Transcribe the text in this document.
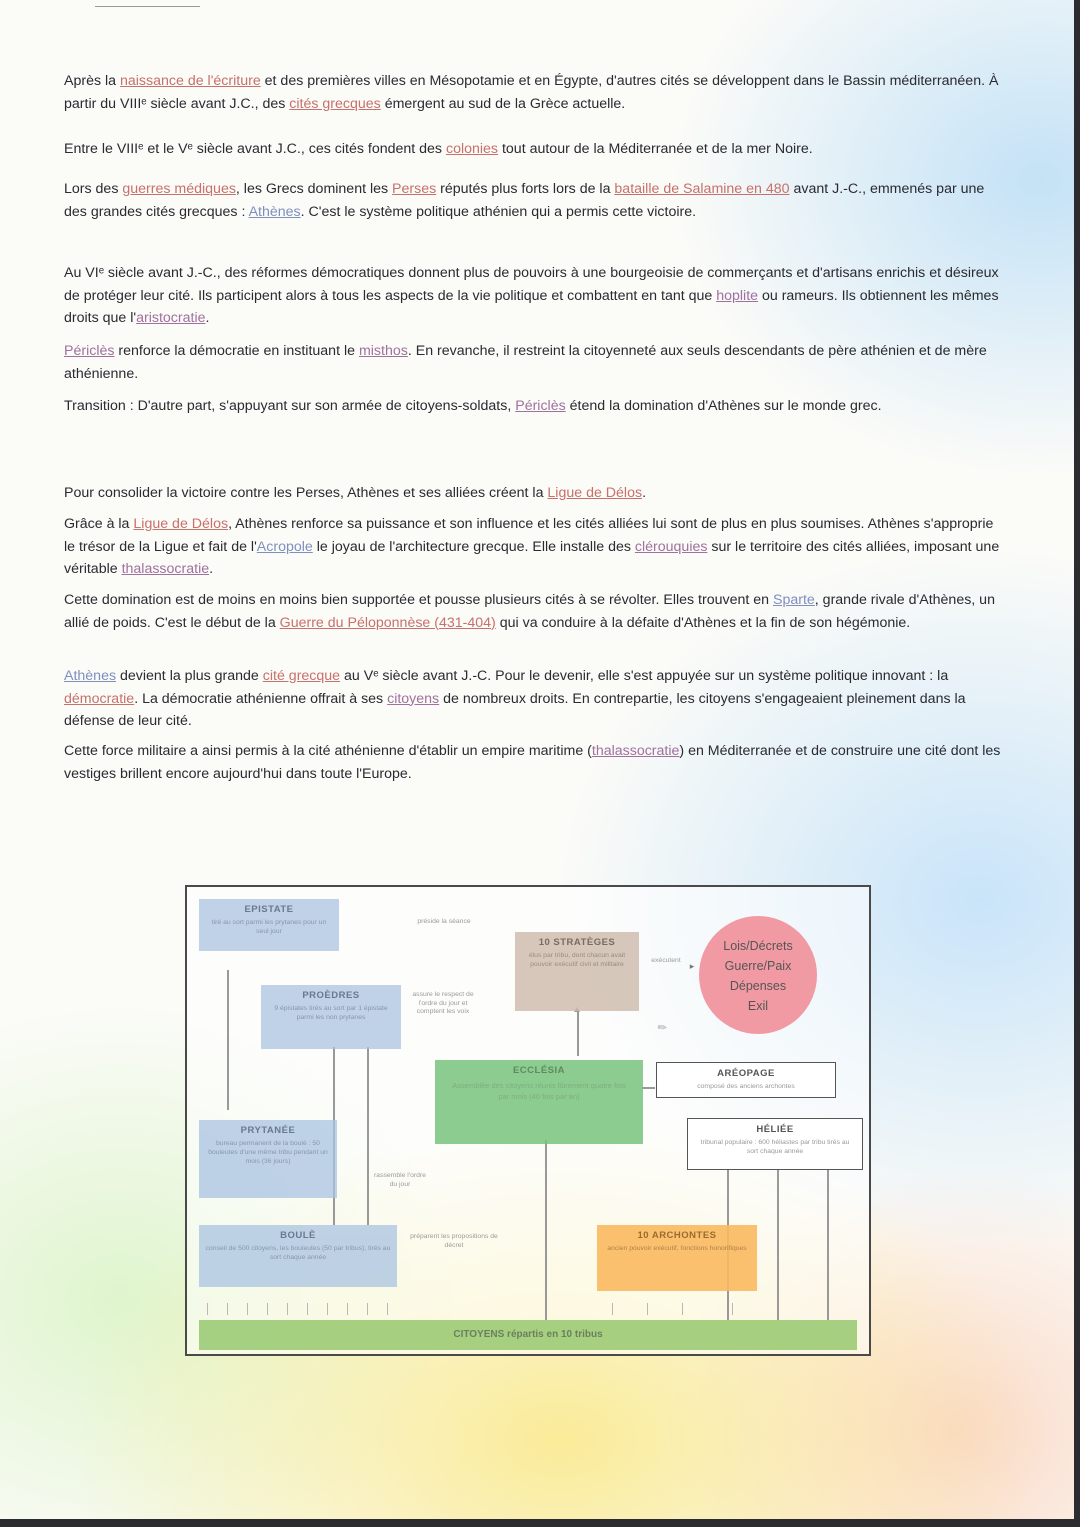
Après la naissance de l'écriture et des premières villes en Mésopotamie et en Égypte, d'autres cités se développent dans le Bassin méditerranéen. À partir du VIIIᵉ siècle avant J.C., des cités grecques émergent au sud de la Grèce actuelle.

Entre le VIIIᵉ et le Vᵉ siècle avant J.C., ces cités fondent des colonies tout autour de la Méditerranée et de la mer Noire.

Lors des guerres médiques, les Grecs dominent les Perses réputés plus forts lors de la bataille de Salamine en 480 avant J.-C., emmenés par une des grandes cités grecques : Athènes. C'est le système politique athénien qui a permis cette victoire.

Au VIᵉ siècle avant J.-C., des réformes démocratiques donnent plus de pouvoirs à une bourgeoisie de commerçants et d'artisans enrichis et désireux de protéger leur cité. Ils participent alors à tous les aspects de la vie politique et combattent en tant que hoplite ou rameurs. Ils obtiennent les mêmes droits que l'aristocratie.

Périclès renforce la démocratie en instituant le misthos. En revanche, il restreint la citoyenneté aux seuls descendants de père athénien et de mère athénienne.

Transition : D'autre part, s'appuyant sur son armée de citoyens-soldats, Périclès étend la domination d'Athènes sur le monde grec.

Pour consolider la victoire contre les Perses, Athènes et ses alliées créent la Ligue de Délos.

Grâce à la Ligue de Délos, Athènes renforce sa puissance et son influence et les cités alliées lui sont de plus en plus soumises. Athènes s'approprie le trésor de la Ligue et fait de l'Acropole le joyau de l'architecture grecque. Elle installe des clérouquies sur le territoire des cités alliées, imposant une véritable thalassocratie.

Cette domination est de moins en moins bien supportée et pousse plusieurs cités à se révolter. Elles trouvent en Sparte, grande rivale d'Athènes, un allié de poids. C'est le début de la Guerre du Péloponnèse (431-404) qui va conduire à la défaite d'Athènes et la fin de son hégémonie.

Athènes devient la plus grande cité grecque au Vᵉ siècle avant J.-C. Pour le devenir, elle s'est appuyée sur un système politique innovant : la démocratie. La démocratie athénienne offrait à ses citoyens de nombreux droits. En contrepartie, les citoyens s'engageaient pleinement dans la défense de leur cité.

Cette force militaire a ainsi permis à la cité athénienne d'établir un empire maritime (thalassocratie) en Méditerranée et de construire une cité dont les vestiges brillent encore aujourd'hui dans toute l'Europe.

EPISTATE
tiré au sort parmi les prytanes pour un seul jour
préside la séance
10 STRATÈGES
élus par tribu, dont chacun avait pouvoir exécutif civil et militaire
exécutent
▸
Lois/Décrets
Guerre/Paix
Dépenses
Exil
✎
PROÈDRES
9 épistates tirés au sort par 1 épistate parmi les non prytanes
assure le respect de l'ordre du jour et comptent les voix
ECCLÉSIA
Assemblée des citoyens réunis librement quatre fois par mois (40 fois par an)
ARÉOPAGE
composé des anciens archontes
HÉLIÉE
tribunal populaire : 600 héliastes par tribu tirés au sort chaque année
PRYTANÉE
bureau permanent de la boulè : 50 bouleutes d'une même tribu pendant un mois (36 jours)
rassemble l'ordre du jour
BOULÈ
conseil de 500 citoyens, les bouleutes (50 par tribus), tirés au sort chaque année
préparent les propositions de décret
10 ARCHONTES
ancien pouvoir exécutif, fonctions honorifiques
CITOYENS répartis en 10 tribus
